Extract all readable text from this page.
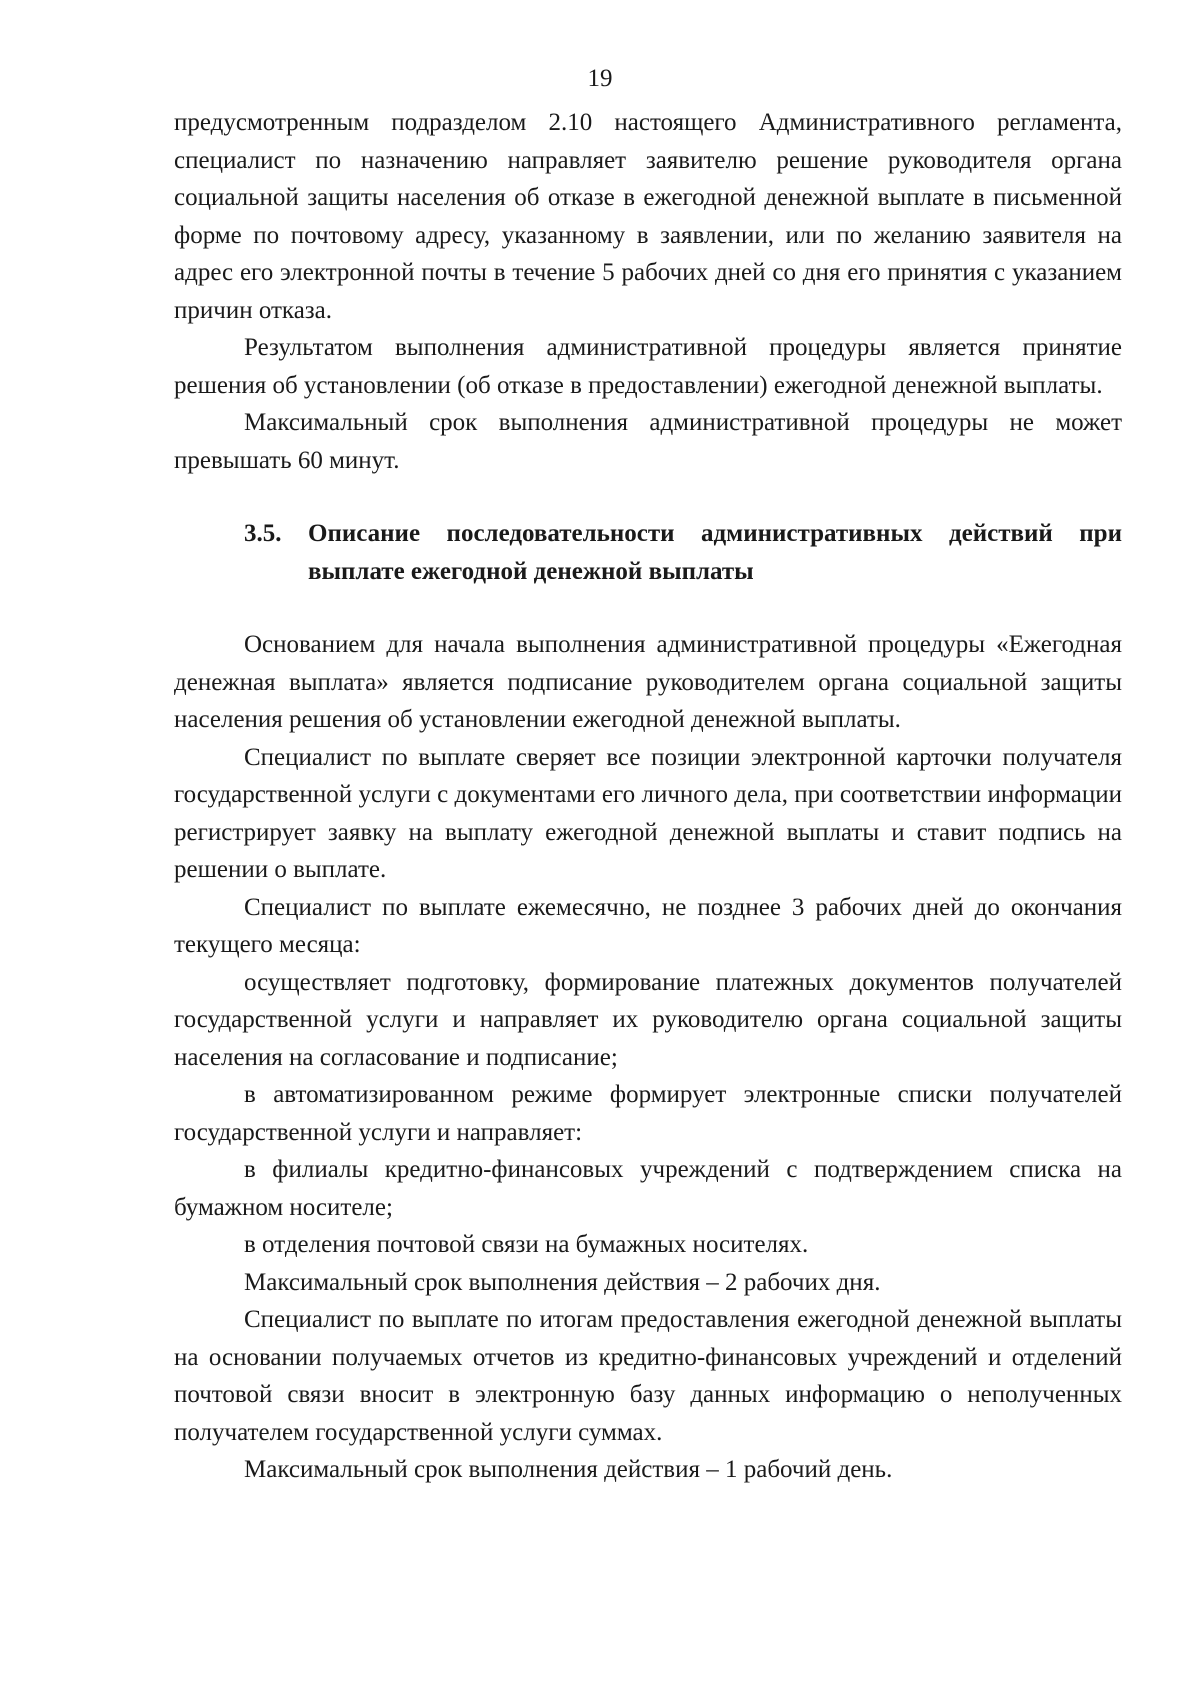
19

предусмотренным подразделом 2.10 настоящего Административного регламента, специалист по назначению направляет заявителю решение руководителя органа социальной защиты населения об отказе в ежегодной денежной выплате в письменной форме по почтовому адресу, указанному в заявлении, или по желанию заявителя на адрес его электронной почты в течение 5 рабочих дней со дня его принятия с указанием причин отказа.

Результатом выполнения административной процедуры является принятие решения об установлении (об отказе в предоставлении) ежегодной денежной выплаты.

Максимальный срок выполнения административной процедуры не может превышать 60 минут.

3.5. Описание последовательности административных действий при выплате ежегодной денежной выплаты

Основанием для начала выполнения административной процедуры «Ежегодная денежная выплата» является подписание руководителем органа социальной защиты населения решения об установлении ежегодной денежной выплаты.

Специалист по выплате сверяет все позиции электронной карточки получателя государственной услуги с документами его личного дела, при соответствии информации регистрирует заявку на выплату ежегодной денежной выплаты и ставит подпись на решении о выплате.

Специалист по выплате ежемесячно, не позднее 3 рабочих дней до окончания текущего месяца:

осуществляет подготовку, формирование платежных документов получателей государственной услуги и направляет их руководителю органа социальной защиты населения на согласование и подписание;

в автоматизированном режиме формирует электронные списки получателей государственной услуги и направляет:

в филиалы кредитно-финансовых учреждений с подтверждением списка на бумажном носителе;

в отделения почтовой связи на бумажных носителях.

Максимальный срок выполнения действия – 2 рабочих дня.

Специалист по выплате по итогам предоставления ежегодной денежной выплаты на основании получаемых отчетов из кредитно-финансовых учреждений и отделений почтовой связи вносит в электронную базу данных информацию о неполученных получателем государственной услуги суммах.

Максимальный срок выполнения действия – 1 рабочий день.
